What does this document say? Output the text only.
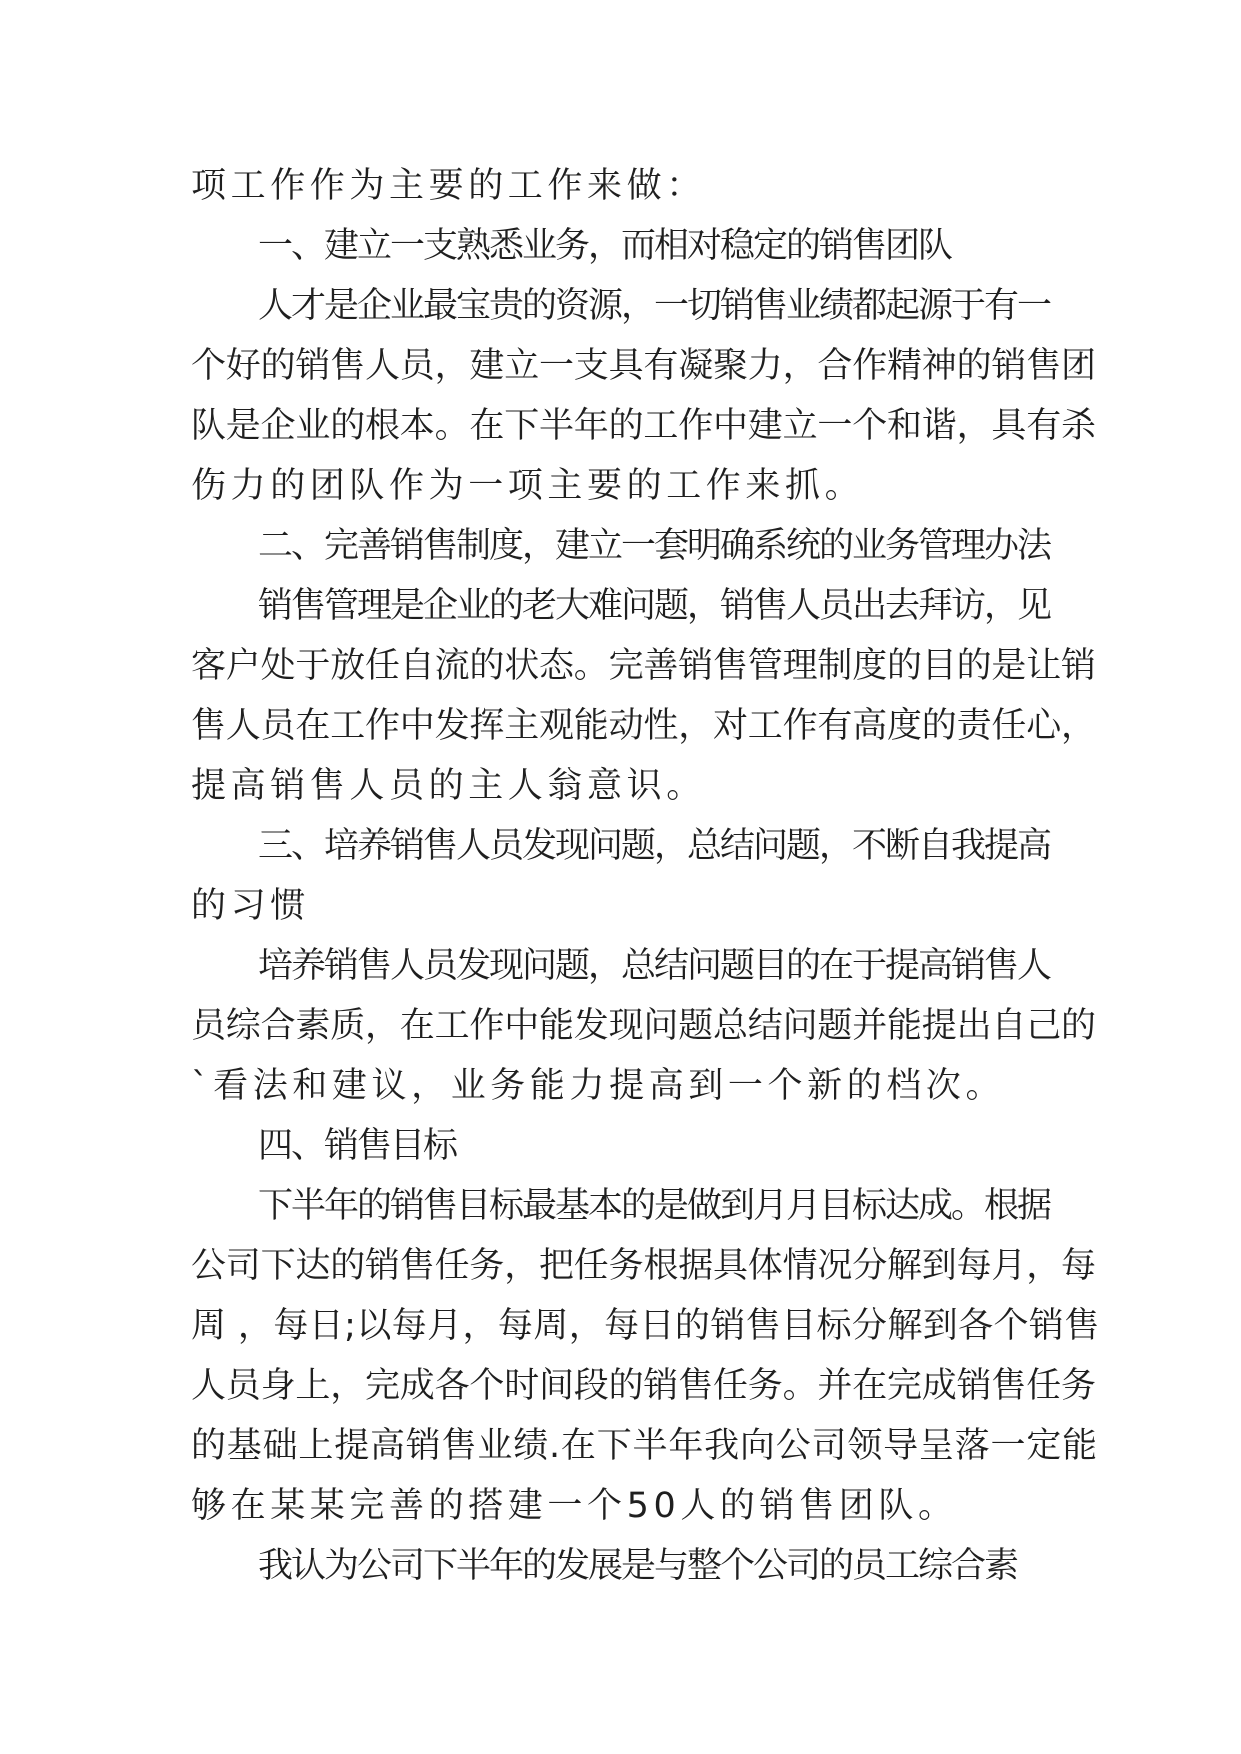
项工作作为主要的工作来做：

一、建立一支熟悉业务，而相对稳定的销售团队

人才是企业最宝贵的资源，一切销售业绩都起源于有一

个好的销售人员，建立一支具有凝聚力，合作精神的销售团

队是企业的根本。在下半年的工作中建立一个和谐，具有杀

伤力的团队作为一项主要的工作来抓。

二、完善销售制度，建立一套明确系统的业务管理办法

销售管理是企业的老大难问题，销售人员出去拜访，见

客户处于放任自流的状态。完善销售管理制度的目的是让销

售人员在工作中发挥主观能动性，对工作有高度的责任心，

提高销售人员的主人翁意识。

三、培养销售人员发现问题，总结问题，不断自我提高

的习惯

培养销售人员发现问题，总结问题目的在于提高销售人

员综合素质，在工作中能发现问题总结问题并能提出自己的

`看法和建议，业务能力提高到一个新的档次。

四、销售目标

下半年的销售目标最基本的是做到月月目标达成。根据

公司下达的销售任务，把任务根据具体情况分解到每月，每

周 ，每日;以每月，每周，每日的销售目标分解到各个销售

人员身上，完成各个时间段的销售任务。并在完成销售任务

的基础上提高销售业绩.在下半年我向公司领导呈落一定能

够在某某完善的搭建一个50人的销售团队。

我认为公司下半年的发展是与整个公司的员工综合素
